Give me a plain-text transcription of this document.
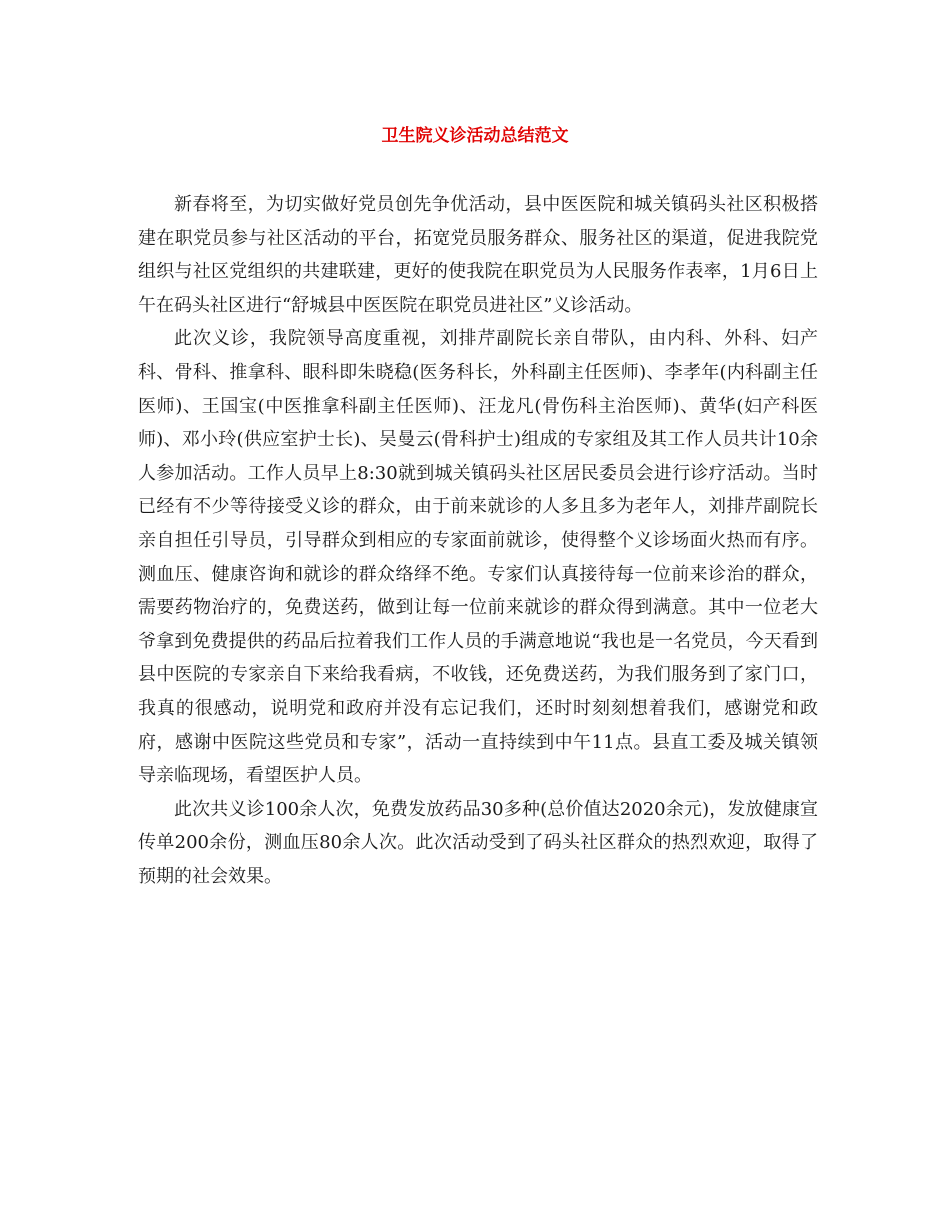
卫生院义诊活动总结范文

新春将至，为切实做好党员创先争优活动，县中医医院和城关镇码头社区积极搭建在职党员参与社区活动的平台，拓宽党员服务群众、服务社区的渠道，促进我院党组织与社区党组织的共建联建，更好的使我院在职党员为人民服务作表率，1月6日上午在码头社区进行“舒城县中医医院在职党员进社区”义诊活动。

此次义诊，我院领导高度重视，刘排芹副院长亲自带队，由内科、外科、妇产科、骨科、推拿科、眼科即朱晓稳(医务科长，外科副主任医师)、李孝年(内科副主任医师)、王国宝(中医推拿科副主任医师)、汪龙凡(骨伤科主治医师)、黄华(妇产科医师)、邓小玲(供应室护士长)、吴曼云(骨科护士)组成的专家组及其工作人员共计10余人参加活动。工作人员早上8:30就到城关镇码头社区居民委员会进行诊疗活动。当时已经有不少等待接受义诊的群众，由于前来就诊的人多且多为老年人，刘排芹副院长亲自担任引导员，引导群众到相应的专家面前就诊，使得整个义诊场面火热而有序。测血压、健康咨询和就诊的群众络绎不绝。专家们认真接待每一位前来诊治的群众，需要药物治疗的，免费送药，做到让每一位前来就诊的群众得到满意。其中一位老大爷拿到免费提供的药品后拉着我们工作人员的手满意地说“我也是一名党员，今天看到县中医院的专家亲自下来给我看病，不收钱，还免费送药，为我们服务到了家门口，我真的很感动，说明党和政府并没有忘记我们，还时时刻刻想着我们，感谢党和政府，感谢中医院这些党员和专家”，活动一直持续到中午11点。县直工委及城关镇领导亲临现场，看望医护人员。

此次共义诊100余人次，免费发放药品30多种(总价值达2020余元)，发放健康宣传单200余份，测血压80余人次。此次活动受到了码头社区群众的热烈欢迎，取得了预期的社会效果。
